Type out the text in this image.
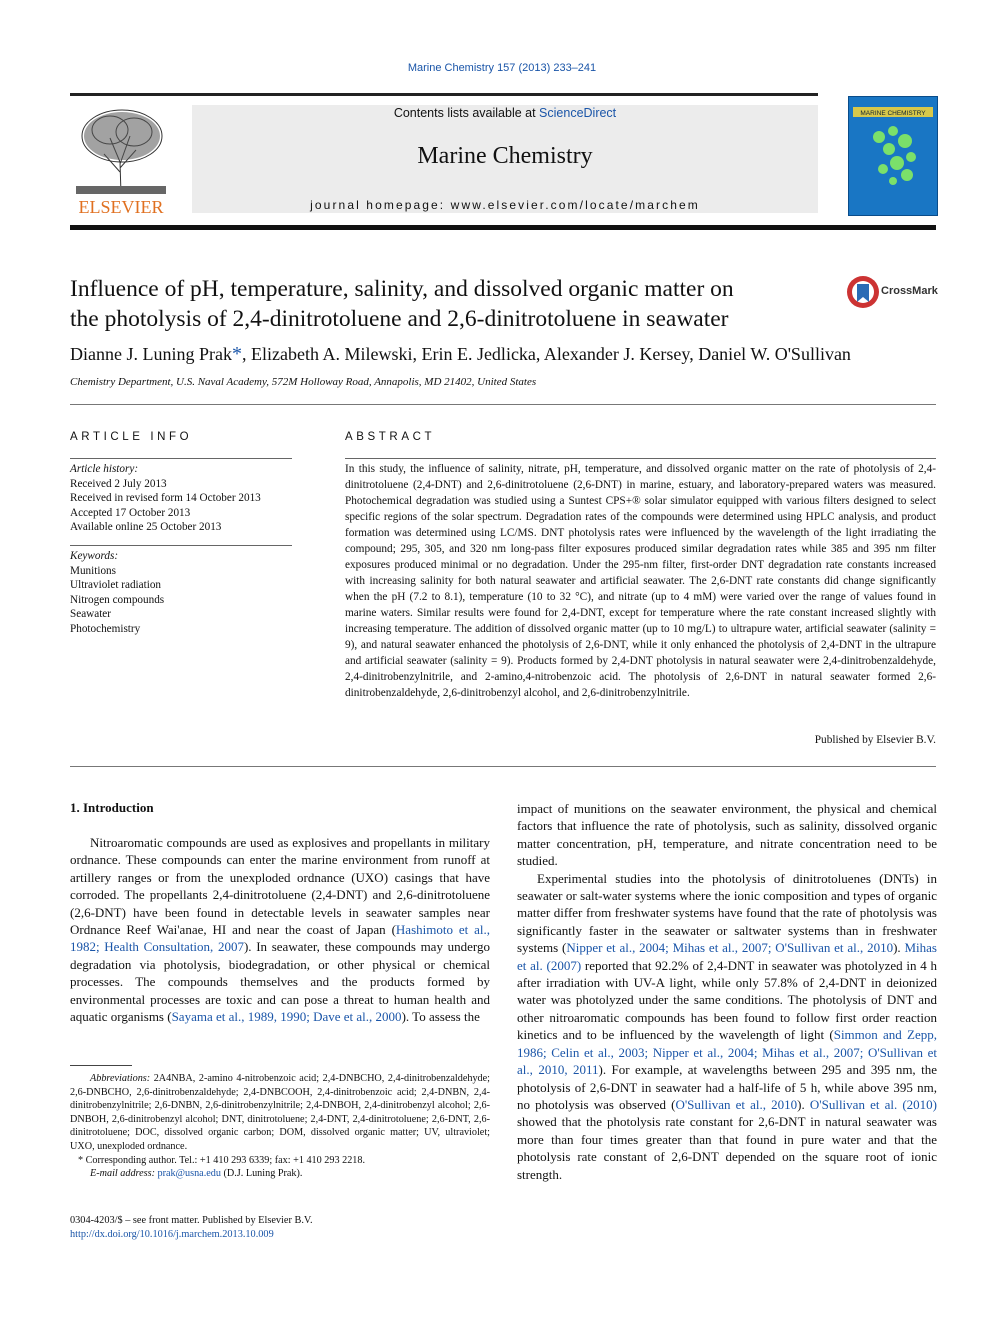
Marine Chemistry 157 (2013) 233–241
ELSEVIER
Contents lists available at ScienceDirect
Marine Chemistry
journal homepage: www.elsevier.com/locate/marchem
MARINE CHEMISTRY
Influence of pH, temperature, salinity, and dissolved organic matter on
the photolysis of 2,4-dinitrotoluene and 2,6-dinitrotoluene in seawater
CrossMark
Dianne J. Luning Prak*, Elizabeth A. Milewski, Erin E. Jedlicka, Alexander J. Kersey, Daniel W. O'Sullivan
Chemistry Department, U.S. Naval Academy, 572M Holloway Road, Annapolis, MD 21402, United States
ARTICLE INFO
Article history:
Received 2 July 2013
Received in revised form 14 October 2013
Accepted 17 October 2013
Available online 25 October 2013
Keywords:
Munitions
Ultraviolet radiation
Nitrogen compounds
Seawater
Photochemistry
ABSTRACT
In this study, the influence of salinity, nitrate, pH, temperature, and dissolved organic matter on the rate of photolysis of 2,4-dinitrotoluene (2,4-DNT) and 2,6-dinitrotoluene (2,6-DNT) in marine, estuary, and laboratory-prepared waters was measured. Photochemical degradation was studied using a Suntest CPS+® solar simulator equipped with various filters designed to select specific regions of the solar spectrum. Degradation rates of the compounds were determined using HPLC analysis, and product formation was determined using LC/MS. DNT photolysis rates were influenced by the wavelength of the light irradiating the compound; 295, 305, and 320 nm long-pass filter exposures produced similar degradation rates while 385 and 395 nm filter exposures produced minimal or no degradation. Under the 295-nm filter, first-order DNT degradation rate constants increased with increasing salinity for both natural seawater and artificial seawater. The 2,6-DNT rate constants did change significantly when the pH (7.2 to 8.1), temperature (10 to 32 °C), and nitrate (up to 4 mM) were varied over the range of values found in marine waters. Similar results were found for 2,4-DNT, except for temperature where the rate constant increased slightly with increasing temperature. The addition of dissolved organic matter (up to 10 mg/L) to ultrapure water, artificial seawater (salinity = 9), and natural seawater enhanced the photolysis of 2,6-DNT, while it only enhanced the photolysis of 2,4-DNT in the ultrapure and artificial seawater (salinity = 9). Products formed by 2,4-DNT photolysis in natural seawater were 2,4-dinitrobenzaldehyde, 2,4-dinitrobenzylnitrile, and 2-amino,4-nitrobenzoic acid. The photolysis of 2,6-DNT in natural seawater formed 2,6-dinitrobenzaldehyde, 2,6-dinitrobenzyl alcohol, and 2,6-dinitrobenzylnitrile.
Published by Elsevier B.V.
1. Introduction

Nitroaromatic compounds are used as explosives and propellants in military ordnance. These compounds can enter the marine environment from runoff at artillery ranges or from the unexploded ordnance (UXO) casings that have corroded. The propellants 2,4-dinitrotoluene (2,4-DNT) and 2,6-dinitrotoluene (2,6-DNT) have been found in detectable levels in seawater samples near Ordnance Reef Wai'anae, HI and near the coast of Japan (Hashimoto et al., 1982; Health Consultation, 2007). In seawater, these compounds may undergo degradation via photolysis, biodegradation, or other physical or chemical processes. The compounds themselves and the products formed by environmental processes are toxic and can pose a threat to human health and aquatic organisms (Sayama et al., 1989, 1990; Dave et al., 2000). To assess the

impact of munitions on the seawater environment, the physical and chemical factors that influence the rate of photolysis, such as salinity, dissolved organic matter concentration, pH, temperature, and nitrate concentration need to be studied.

Experimental studies into the photolysis of dinitrotoluenes (DNTs) in seawater or salt-water systems where the ionic composition and types of organic matter differ from freshwater systems have found that the rate of photolysis was significantly faster in the seawater or saltwater systems than in freshwater systems (Nipper et al., 2004; Mihas et al., 2007; O'Sullivan et al., 2010). Mihas et al. (2007) reported that 92.2% of 2,4-DNT in seawater was photolyzed in 4 h after irradiation with UV-A light, while only 57.8% of 2,4-DNT in deionized water was photolyzed under the same conditions. The photolysis of DNT and other nitroaromatic compounds has been found to follow first order reaction kinetics and to be influenced by the wavelength of light (Simmon and Zepp, 1986; Celin et al., 2003; Nipper et al., 2004; Mihas et al., 2007; O'Sullivan et al., 2010, 2011). For example, at wavelengths between 295 and 395 nm, the photolysis of 2,6-DNT in seawater had a half-life of 5 h, while above 395 nm, no photolysis was observed (O'Sullivan et al., 2010). O'Sullivan et al. (2010) showed that the photolysis rate constant for 2,6-DNT in natural seawater was more than four times greater than that found in pure water and that the photolysis rate constant of 2,6-DNT depended on the square root of ionic strength.

Abbreviations: 2A4NBA, 2-amino 4-nitrobenzoic acid; 2,4-DNBCHO, 2,4-dinitrobenzaldehyde; 2,6-DNBCHO, 2,6-dinitrobenzaldehyde; 2,4-DNBCOOH, 2,4-dinitrobenzoic acid; 2,4-DNBN, 2,4-dinitrobenzylnitrile; 2,6-DNBN, 2,6-dinitrobenzylnitrile; 2,4-DNBOH, 2,4-dinitrobenzyl alcohol; 2,6-DNBOH, 2,6-dinitrobenzyl alcohol; DNT, dinitrotoluene; 2,4-DNT, 2,4-dinitrotoluene; 2,6-DNT, 2,6-dinitrotoluene; DOC, dissolved organic carbon; DOM, dissolved organic matter; UV, ultraviolet; UXO, unexploded ordnance.

* Corresponding author. Tel.: +1 410 293 6339; fax: +1 410 293 2218.

E-mail address: prak@usna.edu (D.J. Luning Prak).

0304-4203/$ – see front matter. Published by Elsevier B.V.
http://dx.doi.org/10.1016/j.marchem.2013.10.009
